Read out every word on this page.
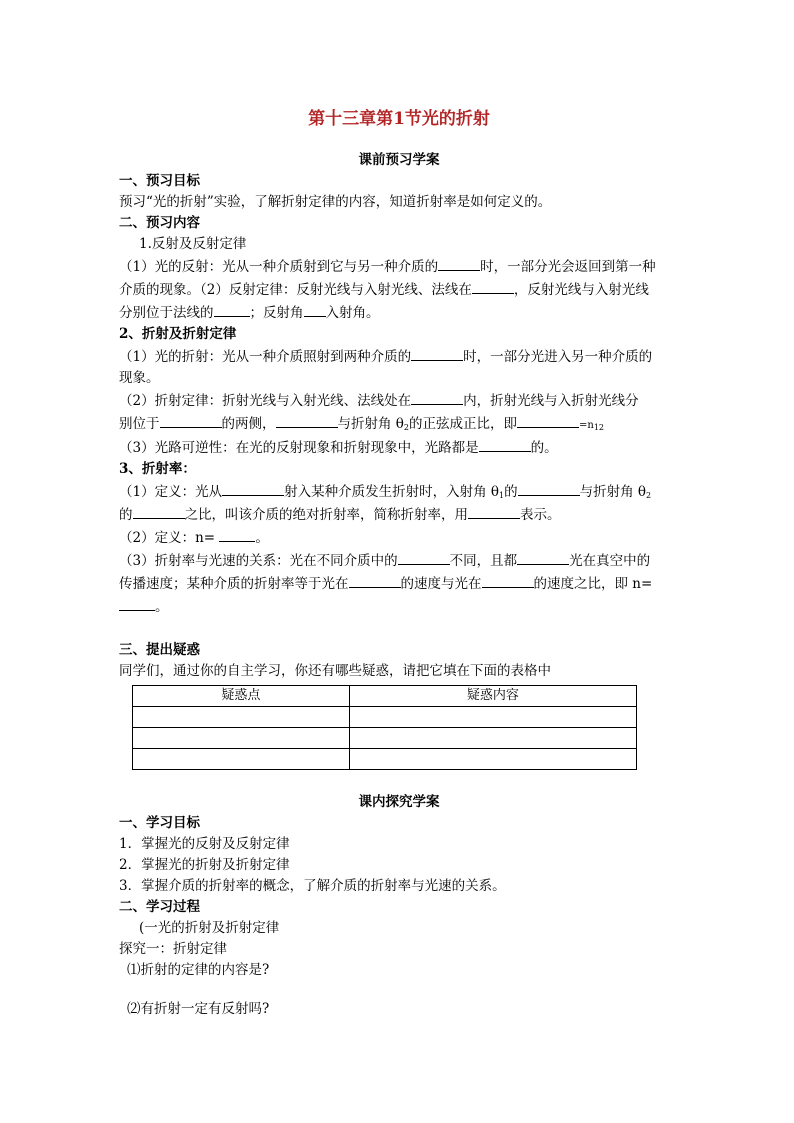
第十三章第1节光的折射
课前预习学案

一、预习目标

预习“光的折射”实验，了解折射定律的内容，知道折射率是如何定义的。

二、预习内容

1.反射及反射定律

（1）光的反射：光从一种介质射到它与另一种介质的	时，一部分光会返回到第一种

介质的现象。（2）反射定律：反射光线与入射光线、法线在	，反射光线与入射光线

分别位于法线的	；反射角 入射角。

2、折射及折射定律

（1）光的折射：光从一种介质照射到两种介质的	时，一部分光进入另一种介质的

现象。

（2）折射定律：折射光线与入射光线、法线处在	内，折射光线与入折射光线分

别位于	的两侧，	与折射角 $\theta_2$的正弦成正比，即	$=n_{12}$

（3）光路可逆性：在光的反射现象和折射现象中，光路都是	的。

3、折射率：

（1）定义：光从	射入某种介质发生折射时，入射角 $\theta_1$的	与折射角 $\theta_2$

的	之比，叫该介质的绝对折射率，简称折射率，用	表示。

（2）定义：n=	。

（3）折射率与光速的关系：光在不同介质中的	不同，且都	光在真空中的

传播速度；某种介质的折射率等于光在	的速度与光在	的速度之比，即 n=

。

三、提出疑惑

同学们，通过你的自主学习，你还有哪些疑惑，请把它填在下面的表格中

疑惑点	疑惑内容

课内探究学案

一、学习目标

1．掌握光的反射及反射定律

2．掌握光的折射及折射定律

3．掌握介质的折射率的概念，了解介质的折射率与光速的关系。

二、学习过程

(一光的折射及折射定律

探究一：折射定律

⑴折射的定律的内容是?

⑵有折射一定有反射吗?
